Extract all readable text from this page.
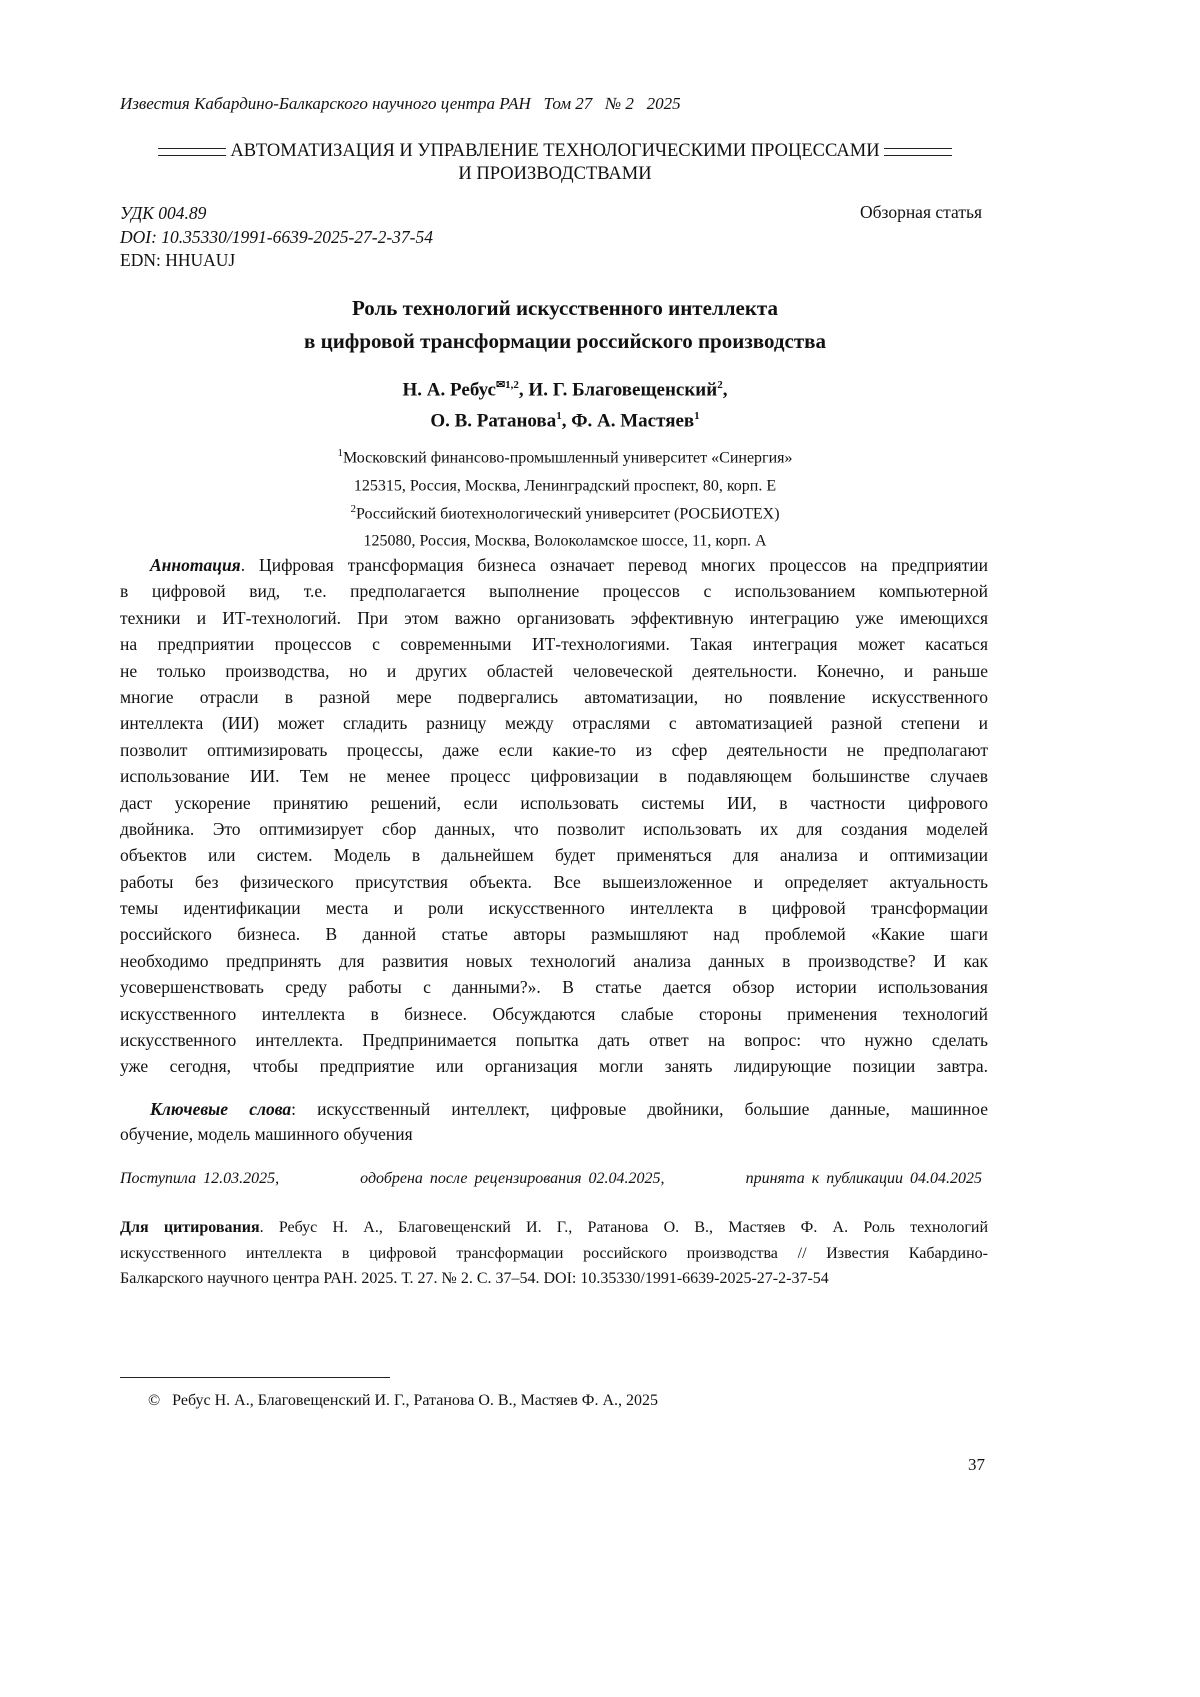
Известия Кабардино-Балкарского научного центра РАН   Том 27   № 2   2025
АВТОМАТИЗАЦИЯ И УПРАВЛЕНИЕ ТЕХНОЛОГИЧЕСКИМИ ПРОЦЕССАМИ
И ПРОИЗВОДСТВАМИ
УДК 004.89
DOI: 10.35330/1991-6639-2025-27-2-37-54
EDN: HHUAUJ
Обзорная статья
Роль технологий искусственного интеллекта
в цифровой трансформации российского производства
Н. А. Ребус$^{✉1,2}$, И. Г. Благовещенский$^2$,
О. В. Ратанова$^1$, Ф. А. Мастяев$^1$
$^1$Московский финансово-промышленный университет «Синергия»
125315, Россия, Москва, Ленинградский проспект, 80, корп. Е
$^2$Российский биотехнологический университет (РОСБИОТЕХ)
125080, Россия, Москва, Волоколамское шоссе, 11, корп. А
Аннотация. Цифровая трансформация бизнеса означает перевод многих процессов на предприятии
в цифровой вид, т.е. предполагается выполнение процессов с использованием компьютерной
техники и ИТ-технологий. При этом важно организовать эффективную интеграцию уже имеющихся
на предприятии процессов с современными ИТ-технологиями. Такая интеграция может касаться
не только производства, но и других областей человеческой деятельности. Конечно, и раньше
многие отрасли в разной мере подвергались автоматизации, но появление искусственного
интеллекта (ИИ) может сгладить разницу между отраслями с автоматизацией разной степени и
позволит оптимизировать процессы, даже если какие-то из сфер деятельности не предполагают
использование ИИ. Тем не менее процесс цифровизации в подавляющем большинстве случаев
даст ускорение принятию решений, если использовать системы ИИ, в частности цифрового
двойника. Это оптимизирует сбор данных, что позволит использовать их для создания моделей
объектов или систем. Модель в дальнейшем будет применяться для анализа и оптимизации
работы без физического присутствия объекта. Все вышеизложенное и определяет актуальность
темы идентификации места и роли искусственного интеллекта в цифровой трансформации
российского бизнеса. В данной статье авторы размышляют над проблемой «Какие шаги
необходимо предпринять для развития новых технологий анализа данных в производстве? И как
усовершенствовать среду работы с данными?». В статье дается обзор истории использования
искусственного интеллекта в бизнесе. Обсуждаются слабые стороны применения технологий
искусственного интеллекта. Предпринимается попытка дать ответ на вопрос: что нужно сделать
уже сегодня, чтобы предприятие или организация могли занять лидирующие позиции завтра.
Ключевые слова: искусственный интеллект, цифровые двойники, большие данные, машинное
обучение, модель машинного обучения
Поступила 12.03.2025,	одобрена после рецензирования 02.04.2025,	принята к публикации 04.04.2025
Для цитирования. Ребус Н. А., Благовещенский И. Г., Ратанова О. В., Мастяев Ф. А. Роль технологий
искусственного интеллекта в цифровой трансформации российского производства // Известия Кабардино-
Балкарского научного центра РАН. 2025. Т. 27. № 2. С. 37–54. DOI: 10.35330/1991-6639-2025-27-2-37-54
©   Ребус Н. А., Благовещенский И. Г., Ратанова О. В., Мастяев Ф. А., 2025
37
